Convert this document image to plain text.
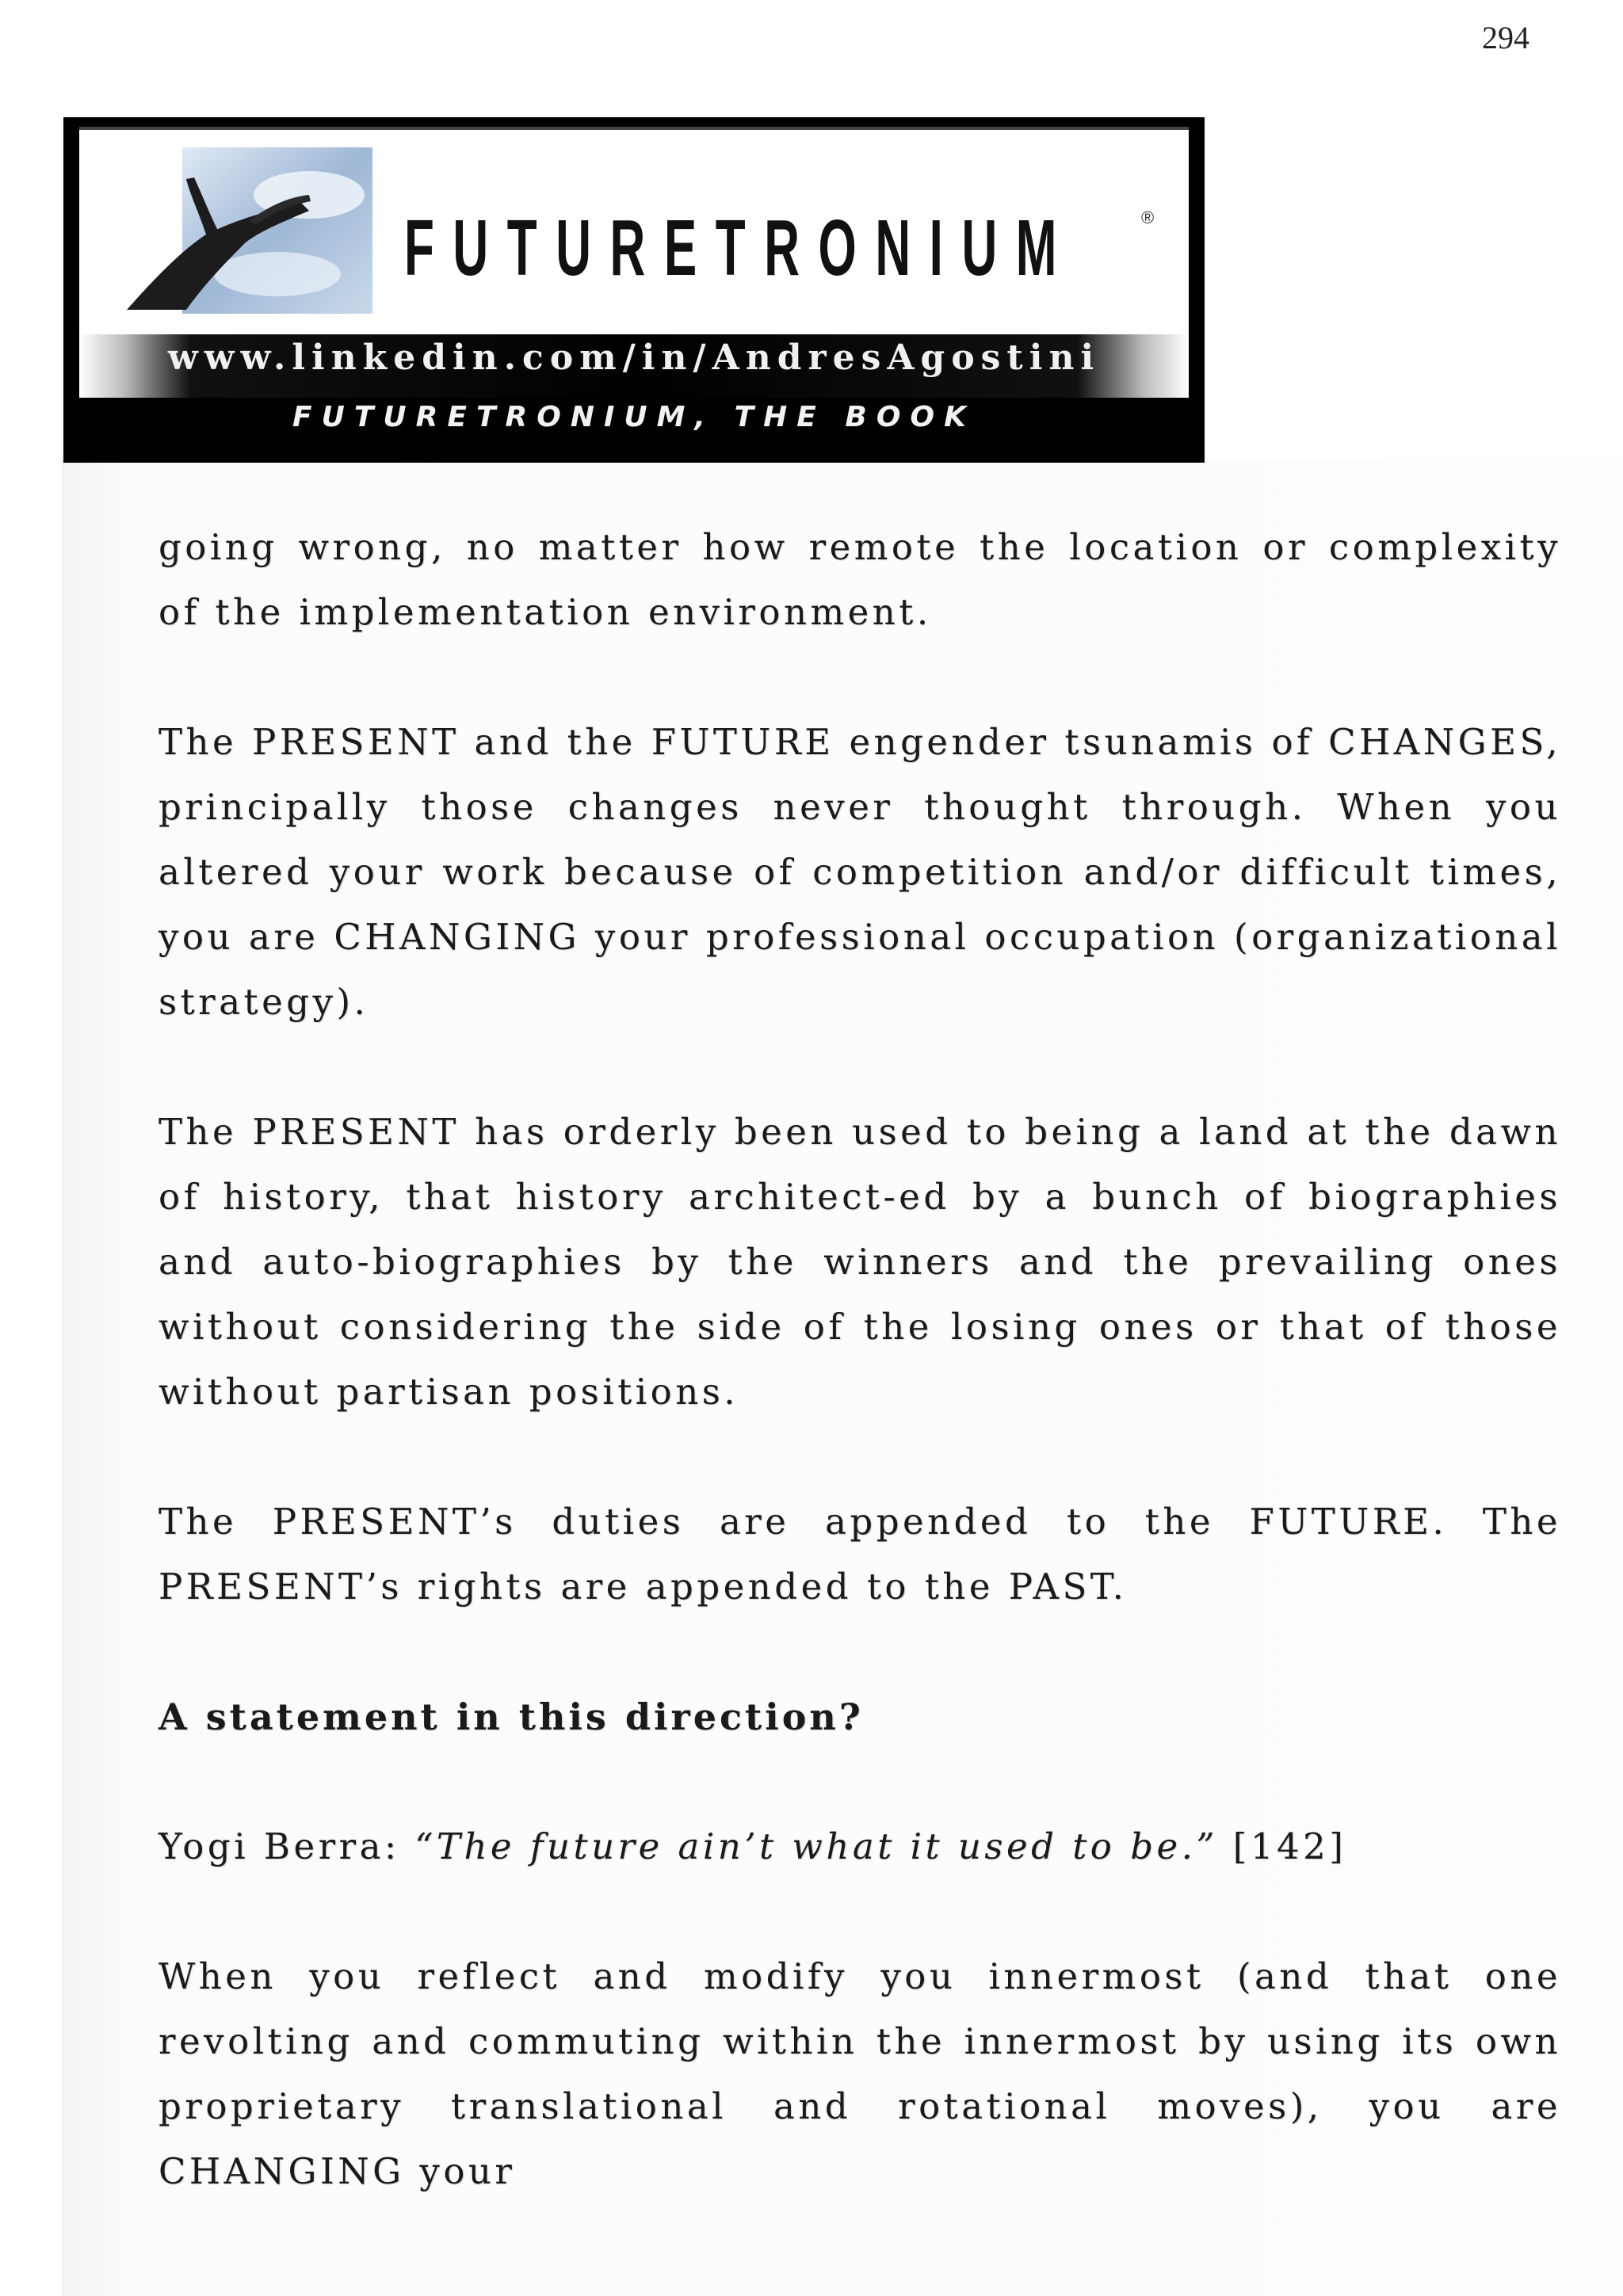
294
FUTURETRONIUM	®
www.linkedin.com/in/AndresAgostini
FUTURETRONIUM, THE BOOK

going wrong, no matter how remote the location or complexity of the implementation environment.

The PRESENT and the FUTURE engender tsunamis of CHANGES, principally those changes never thought through. When you altered your work because of competition and/or difficult times, you are CHANGING your professional occupation (organizational strategy).

The PRESENT has orderly been used to being a land at the dawn of history, that history architect-ed by a bunch of biographies and auto-biographies by the winners and the prevailing ones without considering the side of the losing ones or that of those without partisan positions.

The PRESENT’s duties are appended to the FUTURE. The PRESENT’s rights are appended to the PAST.

A statement in this direction?

Yogi Berra: “The future ain’t what it used to be.” [142]

When you reflect and modify you innermost (and that one revolting and commuting within the innermost by using its own proprietary translational and rotational moves), you are CHANGING your
